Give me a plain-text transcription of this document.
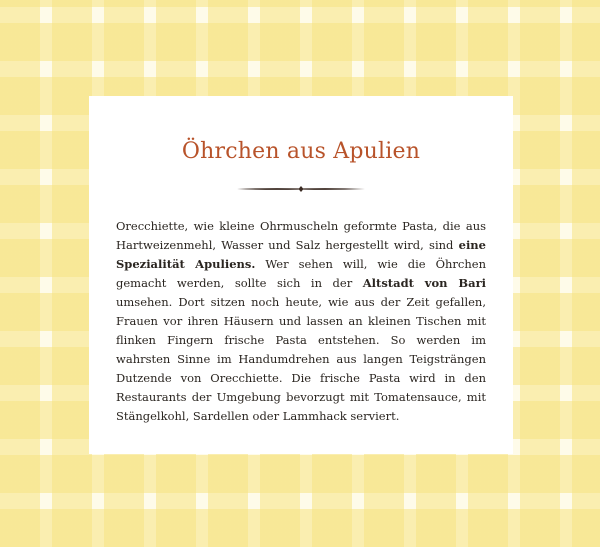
Öhrchen aus Apulien

Orecchiette, wie kleine Ohrmuscheln geformte Pasta, die aus Hartweizenmehl, Wasser und Salz hergestellt wird, sind eine Spezialität Apuliens. Wer sehen will, wie die Öhrchen gemacht werden, sollte sich in der Altstadt von Bari umsehen. Dort sitzen noch heute, wie aus der Zeit gefallen, Frauen vor ihren Häusern und lassen an kleinen Tischen mit flinken Fingern frische Pasta entstehen. So werden im wahrsten Sinne im Handumdrehen aus langen Teigsträngen Dutzende von Orecchiette. Die frische Pasta wird in den Restaurants der Umgebung bevorzugt mit Tomatensauce, mit Stängelkohl, Sardellen oder Lammhack serviert.
